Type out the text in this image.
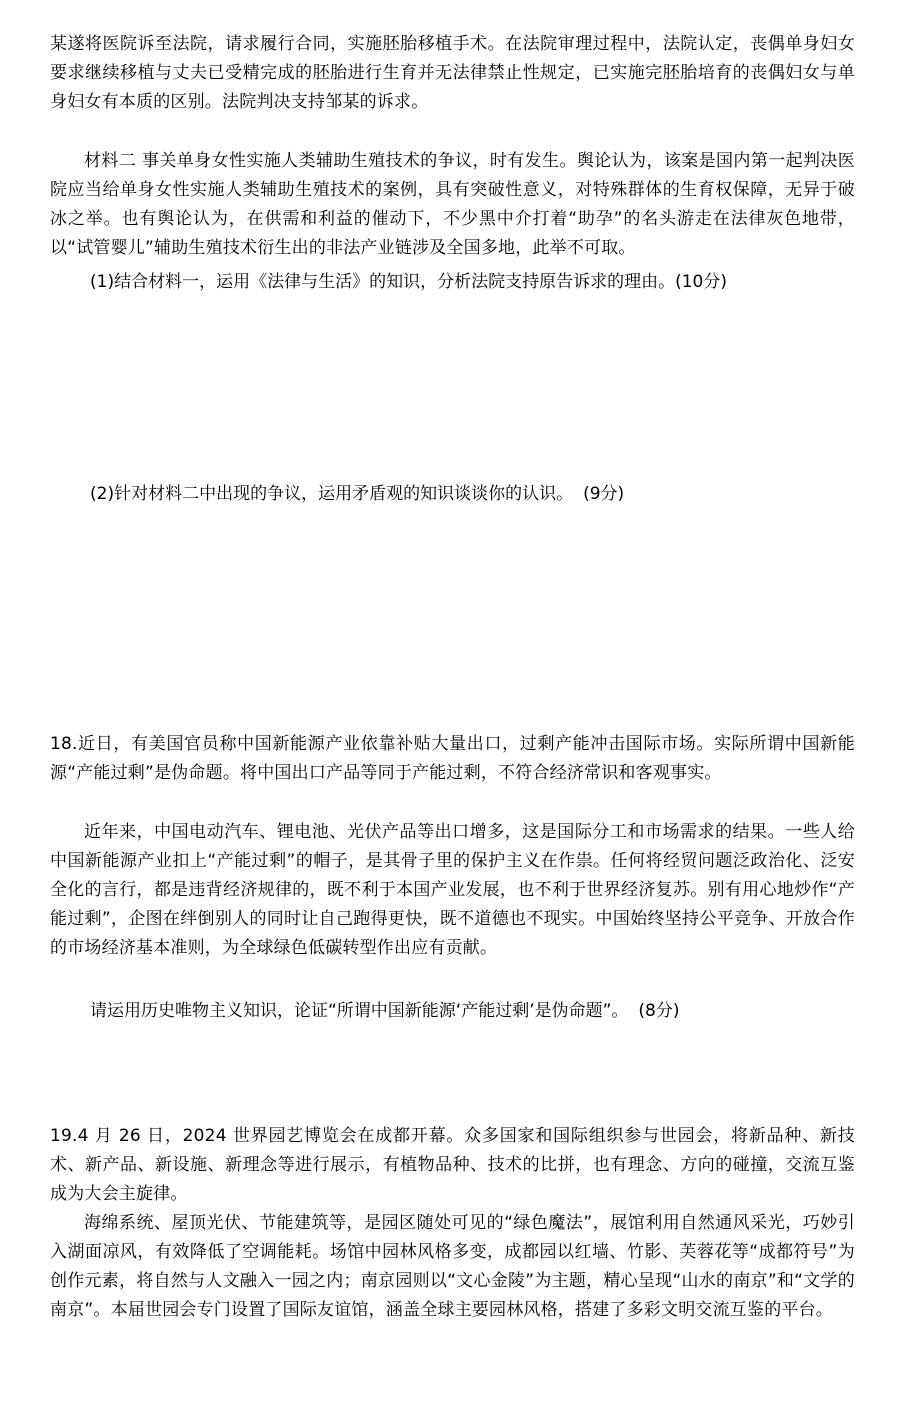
某遂将医院诉至法院，请求履行合同，实施胚胎移植手术。在法院审理过程中，法院认定，丧偶单身妇女要求继续移植与丈夫已受精完成的胚胎进行生育并无法律禁止性规定，已实施完胚胎培育的丧偶妇女与单身妇女有本质的区别。法院判决支持邹某的诉求。

材料二 事关单身女性实施人类辅助生殖技术的争议，时有发生。舆论认为，该案是国内第一起判决医院应当给单身女性实施人类辅助生殖技术的案例，具有突破性意义，对特殊群体的生育权保障，无异于破冰之举。也有舆论认为，在供需和利益的催动下，不少黑中介打着“助孕”的名头游走在法律灰色地带，以“试管婴儿”辅助生殖技术衍生出的非法产业链涉及全国多地，此举不可取。

(1)结合材料一，运用《法律与生活》的知识，分析法院支持原告诉求的理由。(10分)

(2)针对材料二中出现的争议，运用矛盾观的知识谈谈你的认识。 (9分)

18.近日，有美国官员称中国新能源产业依靠补贴大量出口，过剩产能冲击国际市场。实际所谓中国新能源“产能过剩”是伪命题。将中国出口产品等同于产能过剩，不符合经济常识和客观事实。

近年来，中国电动汽车、锂电池、光伏产品等出口增多，这是国际分工和市场需求的结果。一些人给中国新能源产业扣上“产能过剩”的帽子，是其骨子里的保护主义在作祟。任何将经贸问题泛政治化、泛安全化的言行，都是违背经济规律的，既不利于本国产业发展，也不利于世界经济复苏。别有用心地炒作“产能过剩”，企图在绊倒别人的同时让自己跑得更快，既不道德也不现实。中国始终坚持公平竞争、开放合作的市场经济基本准则，为全球绿色低碳转型作出应有贡献。

请运用历史唯物主义知识，论证“所谓中国新能源‘产能过剩’是伪命题”。 (8分)

19.4 月 26 日，2024 世界园艺博览会在成都开幕。众多国家和国际组织参与世园会，将新品种、新技术、新产品、新设施、新理念等进行展示，有植物品种、技术的比拼，也有理念、方向的碰撞，交流互鉴成为大会主旋律。

海绵系统、屋顶光伏、节能建筑等，是园区随处可见的“绿色魔法”，展馆利用自然通风采光，巧妙引入湖面凉风，有效降低了空调能耗。场馆中园林风格多变，成都园以红墙、竹影、芙蓉花等“成都符号”为创作元素，将自然与人文融入一园之内；南京园则以“文心金陵”为主题，精心呈现“山水的南京”和“文学的南京”。本届世园会专门设置了国际友谊馆，涵盖全球主要园林风格，搭建了多彩文明交流互鉴的平台。
